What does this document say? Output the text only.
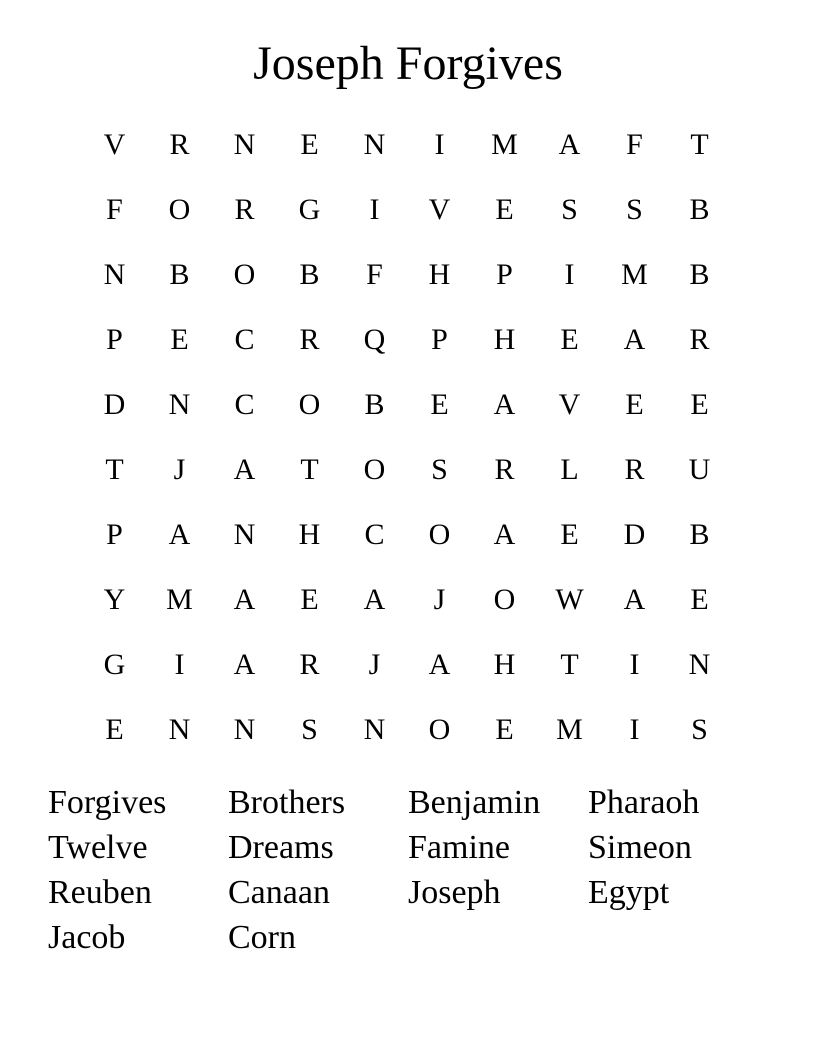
Joseph Forgives
V	R	N	E	N	I	M	A	F	T
F	O	R	G	I	V	E	S	S	B
N	B	O	B	F	H	P	I	M	B
P	E	C	R	Q	P	H	E	A	R
D	N	C	O	B	E	A	V	E	E
T	J	A	T	O	S	R	L	R	U
P	A	N	H	C	O	A	E	D	B
Y	M	A	E	A	J	O	W	A	E
G	I	A	R	J	A	H	T	I	N
E	N	N	S	N	O	E	M	I	S
Forgives	Brothers	Benjamin	Pharaoh
Twelve	Dreams	Famine	Simeon
Reuben	Canaan	Joseph	Egypt
Jacob	Corn
